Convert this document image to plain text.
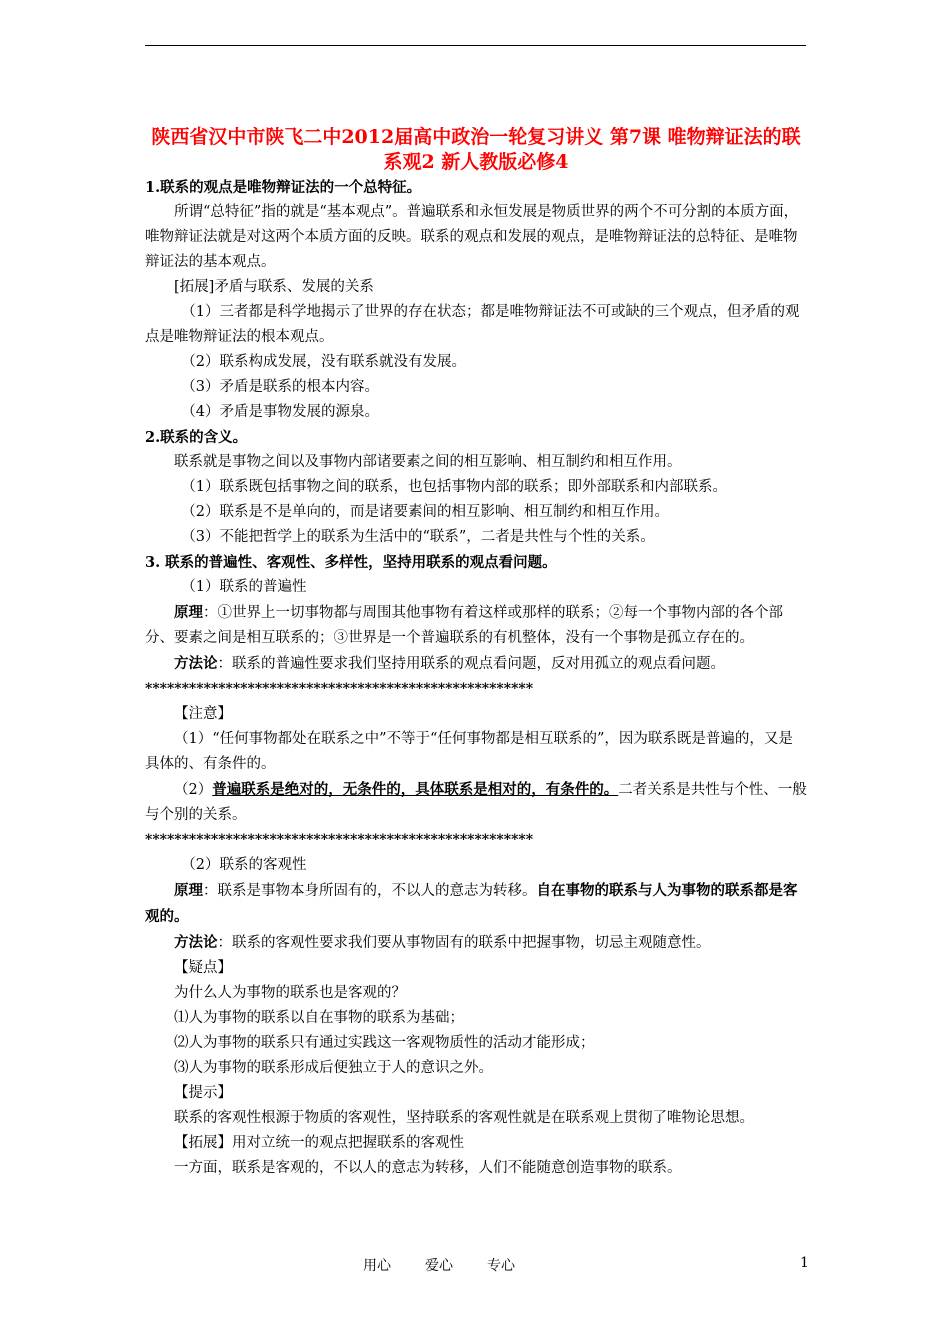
陕西省汉中市陕飞二中2012届高中政治一轮复习讲义 第7课 唯物辩证法的联系观2 新人教版必修4

1.联系的观点是唯物辩证法的一个总特征。

所谓“总特征”指的就是“基本观点”。普遍联系和永恒发展是物质世界的两个不可分割的本质方面，唯物辩证法就是对这两个本质方面的反映。联系的观点和发展的观点，是唯物辩证法的总特征、是唯物辩证法的基本观点。

[拓展]矛盾与联系、发展的关系

（1）三者都是科学地揭示了世界的存在状态；都是唯物辩证法不可或缺的三个观点，但矛盾的观点是唯物辩证法的根本观点。

（2）联系构成发展，没有联系就没有发展。

（3）矛盾是联系的根本内容。

（4）矛盾是事物发展的源泉。

2.联系的含义。

联系就是事物之间以及事物内部诸要素之间的相互影响、相互制约和相互作用。

（1）联系既包括事物之间的联系，也包括事物内部的联系；即外部联系和内部联系。

（2）联系是不是单向的，而是诸要素间的相互影响、相互制约和相互作用。

（3）不能把哲学上的联系为生活中的“联系”，二者是共性与个性的关系。

3. 联系的普遍性、客观性、多样性，坚持用联系的观点看问题。

（1）联系的普遍性

原理：①世界上一切事物都与周围其他事物有着这样或那样的联系；②每一个事物内部的各个部分、要素之间是相互联系的；③世界是一个普遍联系的有机整体，没有一个事物是孤立存在的。

方法论：联系的普遍性要求我们坚持用联系的观点看问题，反对用孤立的观点看问题。

*****************************************************

【注意】

（1）“任何事物都处在联系之中”不等于“任何事物都是相互联系的”，因为联系既是普遍的，又是具体的、有条件的。

（2）普遍联系是绝对的，无条件的，具体联系是相对的，有条件的。二者关系是共性与个性、一般与个别的关系。

*****************************************************

（2）联系的客观性

原理：联系是事物本身所固有的，不以人的意志为转移。自在事物的联系与人为事物的联系都是客观的。

方法论：联系的客观性要求我们要从事物固有的联系中把握事物，切忌主观随意性。

【疑点】

为什么人为事物的联系也是客观的？

⑴人为事物的联系以自在事物的联系为基础；

⑵人为事物的联系只有通过实践这一客观物质性的活动才能形成；

⑶人为事物的联系形成后便独立于人的意识之外。

【提示】

联系的客观性根源于物质的客观性，坚持联系的客观性就是在联系观上贯彻了唯物论思想。

【拓展】用对立统一的观点把握联系的客观性

一方面，联系是客观的，不以人的意志为转移，人们不能随意创造事物的联系。

用心 爱心 专心	1
